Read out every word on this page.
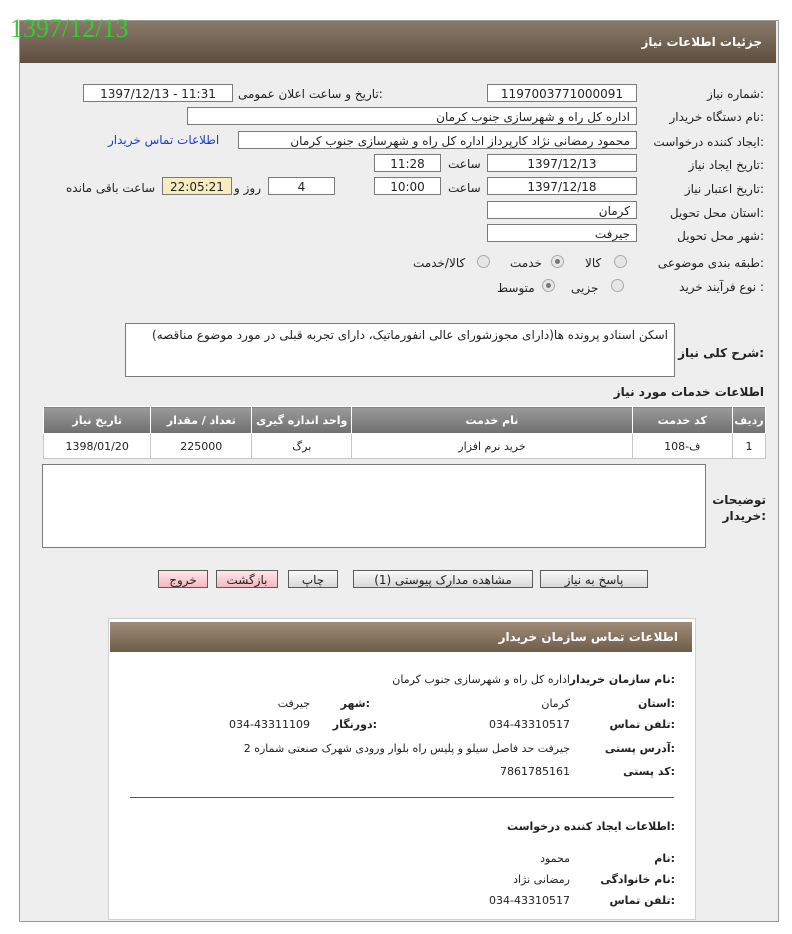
1397/12/13	جزئیات اطلاعات نیاز
شماره نیاز:
1197003771000091
تاریخ و ساعت اعلان عمومی:
1397/12/13 - 11:31
نام دستگاه خریدار:
اداره کل راه و شهرسازی جنوب کرمان
ایجاد کننده درخواست:
محمود رمضانی نژاد کارپرداز اداره کل راه و شهرسازی جنوب کرمان
اطلاعات تماس خریدار
تاریخ ایجاد نیاز:
1397/12/13
ساعت
11:28
تاریخ اعتبار نیاز:
1397/12/18
ساعت
10:00
4
روز و
22:05:21
ساعت باقی مانده
استان محل تحویل:
کرمان
شهر محل تحویل:
جیرفت
طبقه بندی موضوعی:
کالا
خدمت
کالا/خدمت
نوع فرآیند خرید :
جزیی
متوسط
شرح کلی نیاز:
اسکن اسنادو پرونده ها(دارای مجوزشورای عالی انفورماتیک، دارای تجربه قبلی در مورد موضوع مناقصه)
اطلاعات خدمات مورد نیاز
ردیف	کد خدمت	نام خدمت	واحد اندازه گیری	تعداد / مقدار	تاریخ نیاز
1	ف-108	خرید نرم افزار	برگ	225000	1398/01/20
توضیحات خریدار:
پاسخ به نیاز
مشاهده مدارک پیوستی (1)
چاپ
بازگشت
خروج
اطلاعات تماس سازمان خریدار
نام سازمان خریدار:
اداره کل راه و شهرسازی جنوب کرمان
استان:
کرمان
شهر:
جیرفت
تلفن تماس:
034-43310517
دورنگار:
034-43311109
آدرس پستی:
جیرفت حد فاصل سیلو و پلیس راه بلوار ورودی شهرک صنعتی شماره 2
کد پستی:
7861785161
اطلاعات ایجاد کننده درخواست:
نام:
محمود
نام خانوادگی:
رمضانی نژاد
تلفن تماس:
034-43310517
